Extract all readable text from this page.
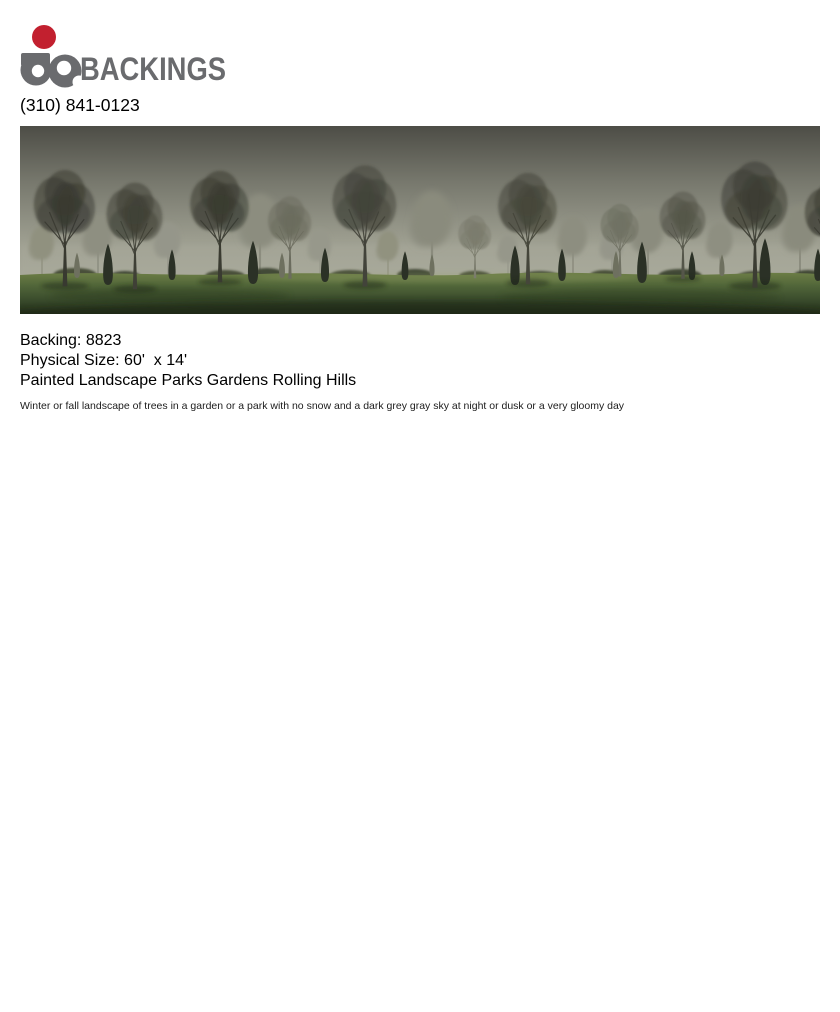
BACKINGS
(310) 841-0123
Backing: 8823
Physical Size: 60'  x 14'
Painted Landscape Parks Gardens Rolling Hills

Winter or fall landscape of trees in a garden or a park with no snow and a dark grey gray sky at night or dusk or a very gloomy day
